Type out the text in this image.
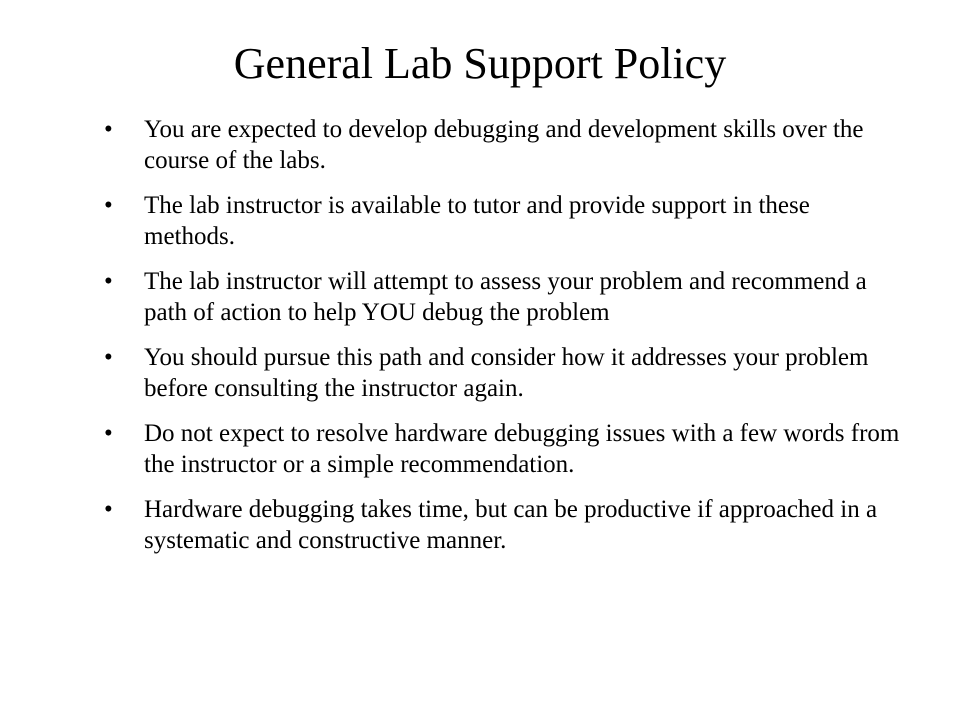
General Lab Support Policy
•	You are expected to develop debugging and development skills over the course of the labs.
•	The lab instructor is available to tutor and provide support in these methods.
•	The lab instructor will attempt to assess your problem and recommend a path of action to help YOU debug the problem
•	You should pursue this path and consider how it addresses your problem before consulting the instructor again.
•	Do not expect to resolve hardware debugging issues with a few words from the instructor or a simple recommendation.
•	Hardware debugging takes time, but can be productive if approached in a systematic and constructive manner.
